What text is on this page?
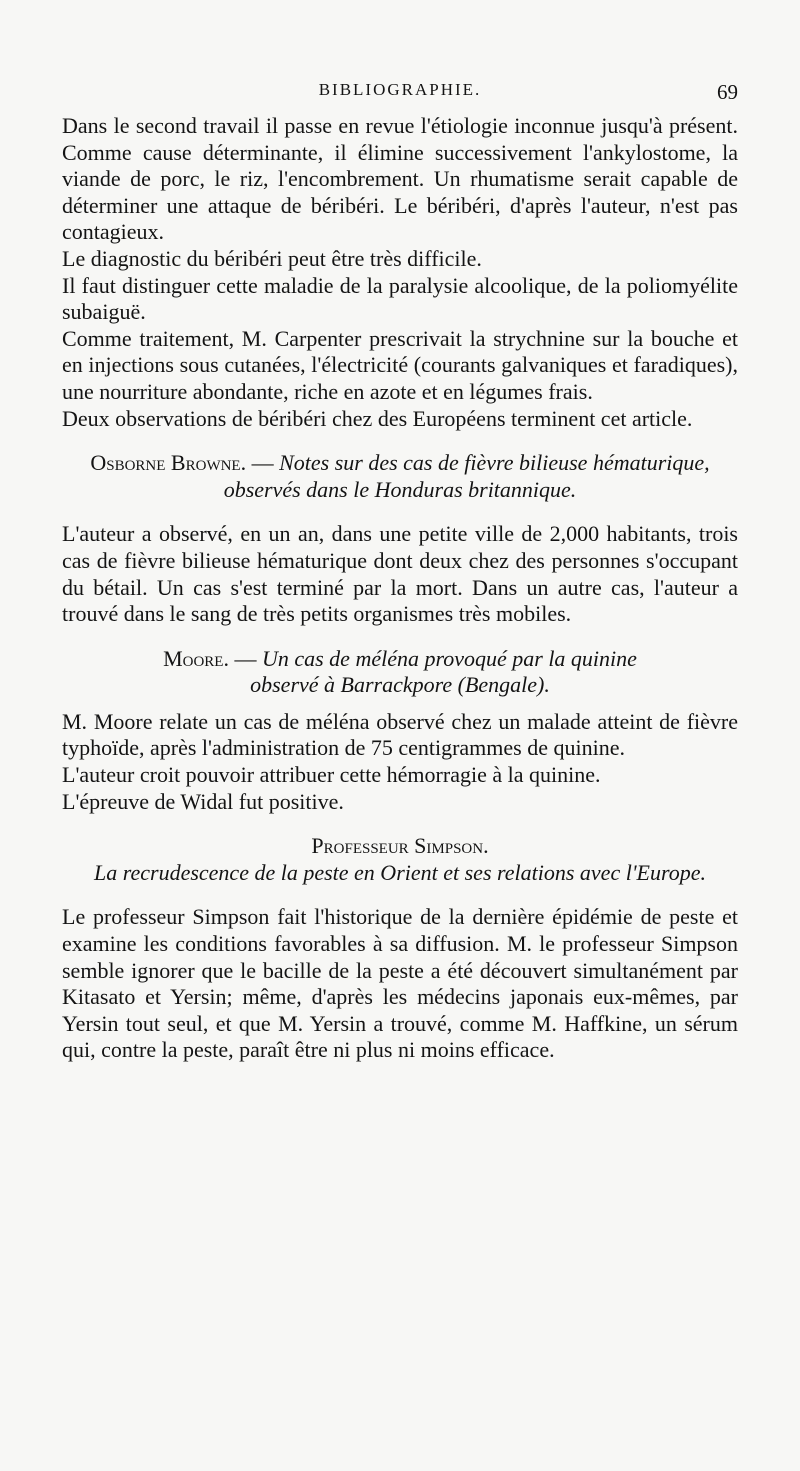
BIBLIOGRAPHIE.	69

Dans le second travail il passe en revue l'étiologie inconnue jusqu'à présent. Comme cause déterminante, il élimine successivement l'ankylostome, la viande de porc, le riz, l'encombrement. Un rhumatisme serait capable de déterminer une attaque de béribéri. Le béribéri, d'après l'auteur, n'est pas contagieux.

Le diagnostic du béribéri peut être très difficile.

Il faut distinguer cette maladie de la paralysie alcoolique, de la poliomyélite subaiguë.

Comme traitement, M. Carpenter prescrivait la strychnine sur la bouche et en injections sous cutanées, l'électricité (courants galvaniques et faradiques), une nourriture abondante, riche en azote et en légumes frais.

Deux observations de béribéri chez des Européens terminent cet article.

Osborne Browne. — Notes sur des cas de fièvre bilieuse hématurique,

observés dans le Honduras britannique.

L'auteur a observé, en un an, dans une petite ville de 2,000 habitants, trois cas de fièvre bilieuse hématurique dont deux chez des personnes s'occupant du bétail. Un cas s'est terminé par la mort. Dans un autre cas, l'auteur a trouvé dans le sang de très petits organismes très mobiles.

Moore. — Un cas de méléna provoqué par la quinine

observé à Barrackpore (Bengale).

M. Moore relate un cas de méléna observé chez un malade atteint de fièvre typhoïde, après l'administration de 75 centigrammes de quinine.

L'auteur croit pouvoir attribuer cette hémorragie à la quinine.

L'épreuve de Widal fut positive.

Professeur Simpson.

La recrudescence de la peste en Orient et ses relations avec l'Europe.

Le professeur Simpson fait l'historique de la dernière épidémie de peste et examine les conditions favorables à sa diffusion. M. le professeur Simpson semble ignorer que le bacille de la peste a été découvert simultanément par Kitasato et Yersin; même, d'après les médecins japonais eux-mêmes, par Yersin tout seul, et que M. Yersin a trouvé, comme M. Haffkine, un sérum qui, contre la peste, paraît être ni plus ni moins efficace.
